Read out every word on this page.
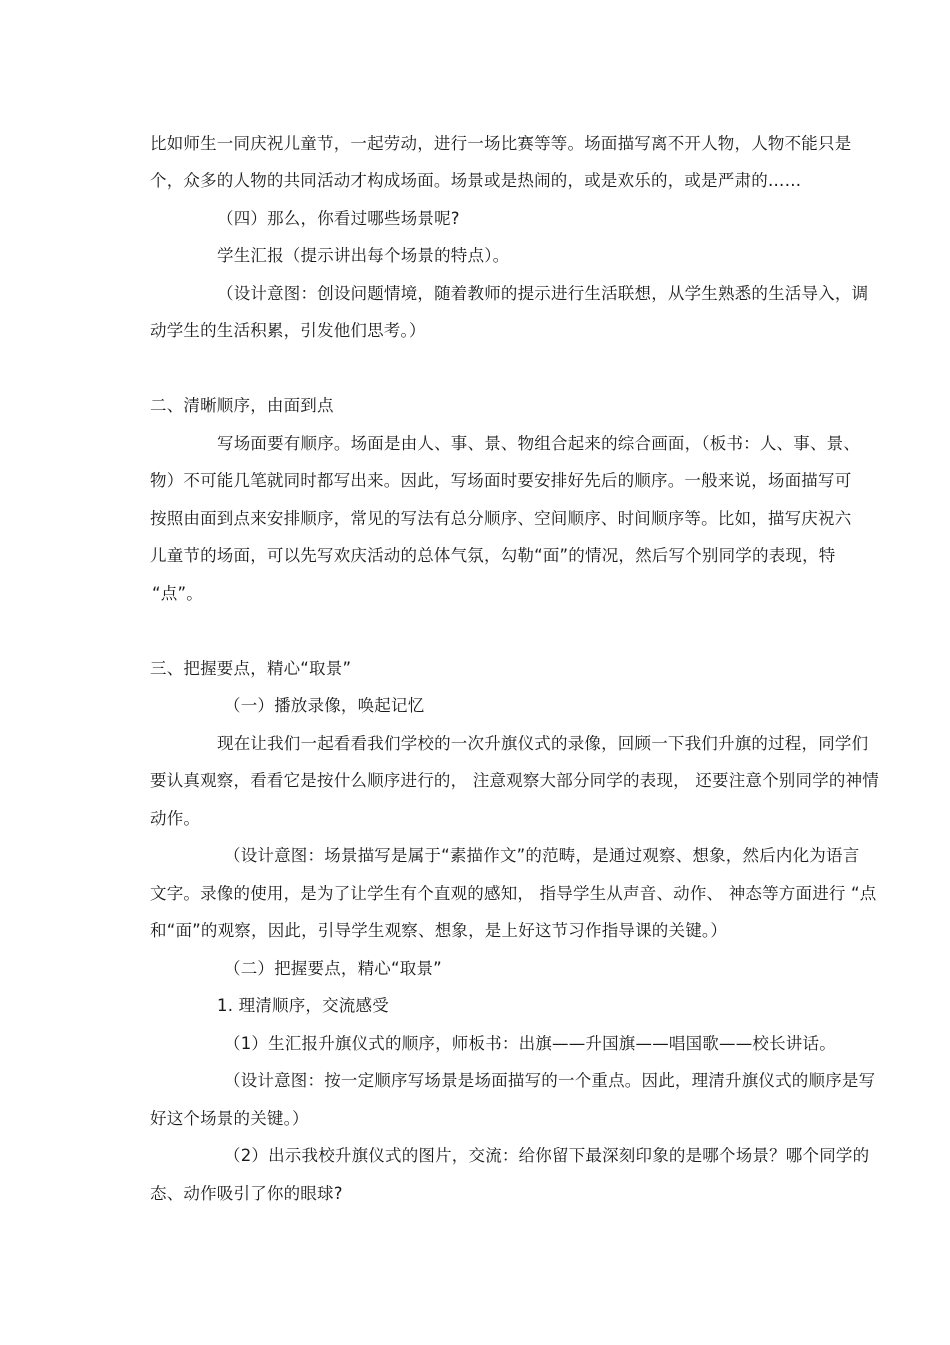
比如师生一同庆祝儿童节，一起劳动，进行一场比赛等等。场面描写离不开人物，人物不能只是
个，众多的人物的共同活动才构成场面。场景或是热闹的，或是欢乐的，或是严肃的……
（四）那么，你看过哪些场景呢?
学生汇报（提示讲出每个场景的特点）。
（设计意图：创设问题情境，随着教师的提示进行生活联想，从学生熟悉的生活导入，调
动学生的生活积累，引发他们思考。）
二、清晰顺序，由面到点
写场面要有顺序。场面是由人、事、景、物组合起来的综合画面，（板书：人、事、景、
物）不可能几笔就同时都写出来。因此，写场面时要安排好先后的顺序。一般来说，场面描写可
按照由面到点来安排顺序，常见的写法有总分顺序、空间顺序、时间顺序等。比如，描写庆祝六
儿童节的场面，可以先写欢庆活动的总体气氛，勾勒“面”的情况，然后写个别同学的表现，特
“点”。
三、把握要点，精心“取景”
（一）播放录像，唤起记忆
现在让我们一起看看我们学校的一次升旗仪式的录像，回顾一下我们升旗的过程，同学们
要认真观察，看看它是按什么顺序进行的， 注意观察大部分同学的表现， 还要注意个别同学的神情
动作。
（设计意图：场景描写是属于“素描作文”的范畴，是通过观察、想象，然后内化为语言
文字。录像的使用，是为了让学生有个直观的感知， 指导学生从声音、动作、 神态等方面进行 “点
和“面”的观察，因此，引导学生观察、想象，是上好这节习作指导课的关键。）
（二）把握要点，精心“取景”
1. 理清顺序，交流感受
（1）生汇报升旗仪式的顺序，师板书：出旗——升国旗——唱国歌——校长讲话。
（设计意图：按一定顺序写场景是场面描写的一个重点。因此，理清升旗仪式的顺序是写
好这个场景的关键。）
（2）出示我校升旗仪式的图片，交流：给你留下最深刻印象的是哪个场景？哪个同学的
态、动作吸引了你的眼球?
